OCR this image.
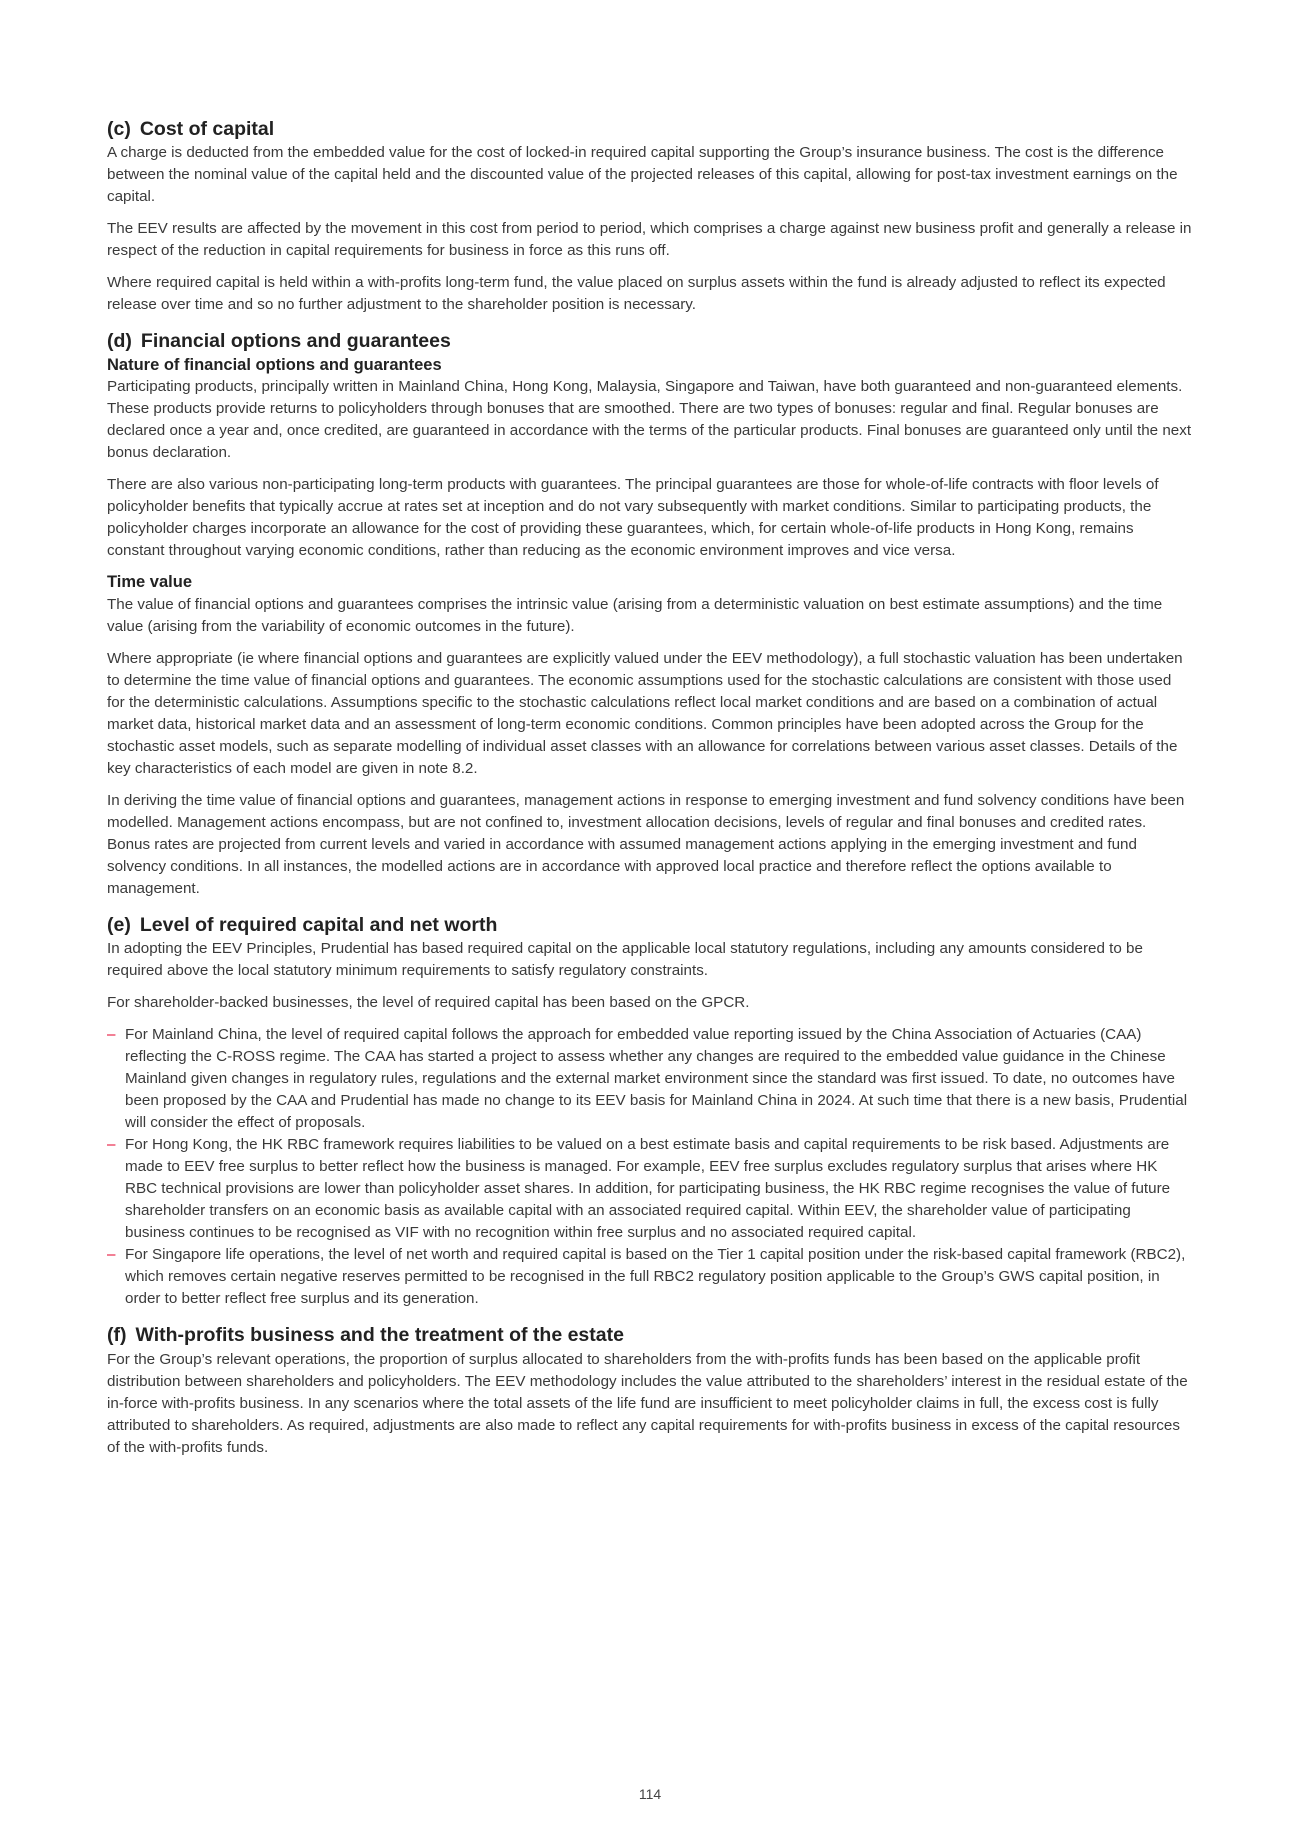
(c) Cost of capital

A charge is deducted from the embedded value for the cost of locked-in required capital supporting the Group’s insurance business. The cost is the difference between the nominal value of the capital held and the discounted value of the projected releases of this capital, allowing for post-tax investment earnings on the capital.

The EEV results are affected by the movement in this cost from period to period, which comprises a charge against new business profit and generally a release in respect of the reduction in capital requirements for business in force as this runs off.

Where required capital is held within a with-profits long-term fund, the value placed on surplus assets within the fund is already adjusted to reflect its expected release over time and so no further adjustment to the shareholder position is necessary.

(d) Financial options and guarantees
Nature of financial options and guarantees

Participating products, principally written in Mainland China, Hong Kong, Malaysia, Singapore and Taiwan, have both guaranteed and non-guaranteed elements. These products provide returns to policyholders through bonuses that are smoothed. There are two types of bonuses: regular and final. Regular bonuses are declared once a year and, once credited, are guaranteed in accordance with the terms of the particular products. Final bonuses are guaranteed only until the next bonus declaration.

There are also various non-participating long-term products with guarantees. The principal guarantees are those for whole-of-life contracts with floor levels of policyholder benefits that typically accrue at rates set at inception and do not vary subsequently with market conditions. Similar to participating products, the policyholder charges incorporate an allowance for the cost of providing these guarantees, which, for certain whole-of-life products in Hong Kong, remains constant throughout varying economic conditions, rather than reducing as the economic environment improves and vice versa.

Time value

The value of financial options and guarantees comprises the intrinsic value (arising from a deterministic valuation on best estimate assumptions) and the time value (arising from the variability of economic outcomes in the future).

Where appropriate (ie where financial options and guarantees are explicitly valued under the EEV methodology), a full stochastic valuation has been undertaken to determine the time value of financial options and guarantees. The economic assumptions used for the stochastic calculations are consistent with those used for the deterministic calculations. Assumptions specific to the stochastic calculations reflect local market conditions and are based on a combination of actual market data, historical market data and an assessment of long-term economic conditions. Common principles have been adopted across the Group for the stochastic asset models, such as separate modelling of individual asset classes with an allowance for correlations between various asset classes. Details of the key characteristics of each model are given in note 8.2.

In deriving the time value of financial options and guarantees, management actions in response to emerging investment and fund solvency conditions have been modelled. Management actions encompass, but are not confined to, investment allocation decisions, levels of regular and final bonuses and credited rates. Bonus rates are projected from current levels and varied in accordance with assumed management actions applying in the emerging investment and fund solvency conditions. In all instances, the modelled actions are in accordance with approved local practice and therefore reflect the options available to management.

(e) Level of required capital and net worth

In adopting the EEV Principles, Prudential has based required capital on the applicable local statutory regulations, including any amounts considered to be required above the local statutory minimum requirements to satisfy regulatory constraints.

For shareholder-backed businesses, the level of required capital has been based on the GPCR.

– For Mainland China, the level of required capital follows the approach for embedded value reporting issued by the China Association of Actuaries (CAA) reflecting the C-ROSS regime. The CAA has started a project to assess whether any changes are required to the embedded value guidance in the Chinese Mainland given changes in regulatory rules, regulations and the external market environment since the standard was first issued. To date, no outcomes have been proposed by the CAA and Prudential has made no change to its EEV basis for Mainland China in 2024. At such time that there is a new basis, Prudential will consider the effect of proposals.
– For Hong Kong, the HK RBC framework requires liabilities to be valued on a best estimate basis and capital requirements to be risk based. Adjustments are made to EEV free surplus to better reflect how the business is managed. For example, EEV free surplus excludes regulatory surplus that arises where HK RBC technical provisions are lower than policyholder asset shares. In addition, for participating business, the HK RBC regime recognises the value of future shareholder transfers on an economic basis as available capital with an associated required capital. Within EEV, the shareholder value of participating business continues to be recognised as VIF with no recognition within free surplus and no associated required capital.
– For Singapore life operations, the level of net worth and required capital is based on the Tier 1 capital position under the risk-based capital framework (RBC2), which removes certain negative reserves permitted to be recognised in the full RBC2 regulatory position applicable to the Group’s GWS capital position, in order to better reflect free surplus and its generation.
(f) With-profits business and the treatment of the estate

For the Group’s relevant operations, the proportion of surplus allocated to shareholders from the with-profits funds has been based on the applicable profit distribution between shareholders and policyholders. The EEV methodology includes the value attributed to the shareholders’ interest in the residual estate of the in-force with-profits business. In any scenarios where the total assets of the life fund are insufficient to meet policyholder claims in full, the excess cost is fully attributed to shareholders. As required, adjustments are also made to reflect any capital requirements for with-profits business in excess of the capital resources of the with-profits funds.

114
